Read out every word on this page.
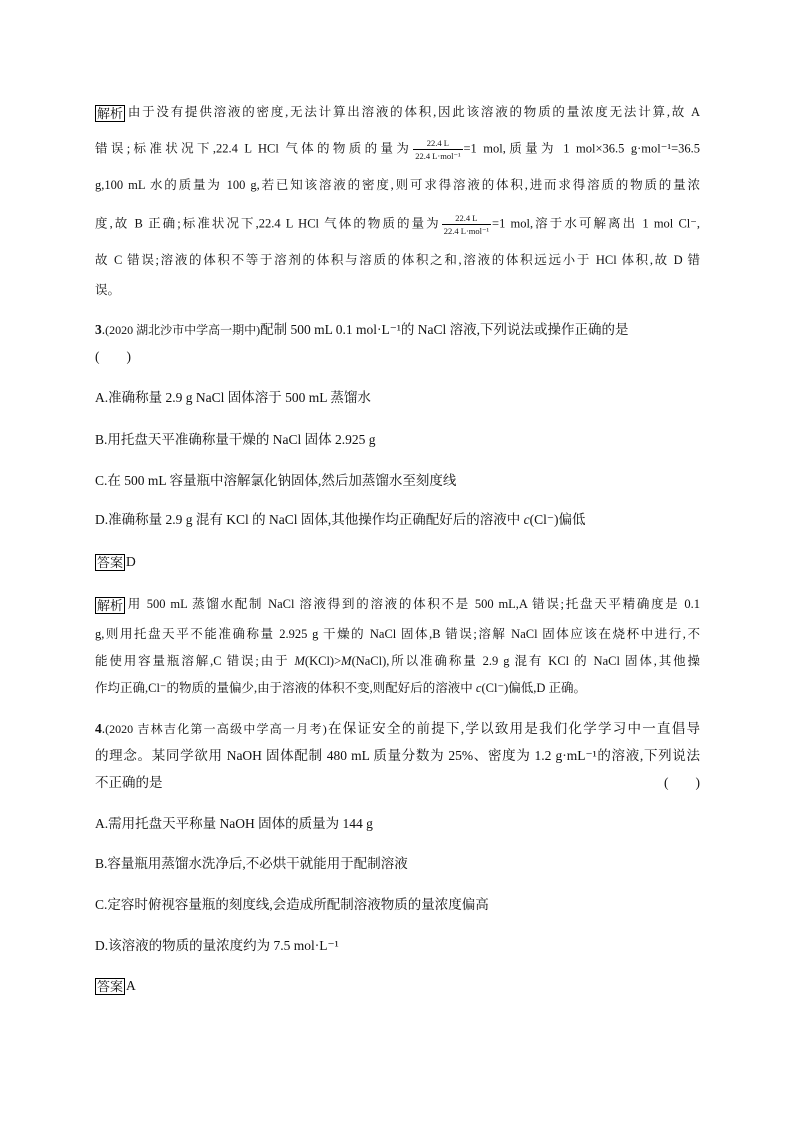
解析 由于没有提供溶液的密度,无法计算出溶液的体积,因此该溶液的物质的量浓度无法计算,故 A
错误;标准状况下,22.4 L HCl 气体的物质的量为 $\frac{22.4 L}{\text{22.4 L·mol⁻¹}} =1$ mol,质量为 1 mol×36.5 g·mol⁻¹=36.5
g,100 mL 水的质量为 100 g,若已知该溶液的密度,则可求得溶液的体积,进而求得溶质的物质的量浓
度,故 B 正确;标准状况下,22.4 L HCl 气体的物质的量为 $\frac{22.4 L}{\text{22.4 L·mol⁻¹}} =1$ mol,溶于水可解离出 1 mol Cl⁻,
故 C 错误;溶液的体积不等于溶剂的体积与溶质的体积之和,溶液的体积远远小于 HCl 体积,故 D 错
误。
3.(2020 湖北沙市中学高一期中)配制 500 mL 0.1 mol·L⁻¹的 NaCl 溶液,下列说法或操作正确的是
(　　)
A.准确称量 2.9 g NaCl 固体溶于 500 mL 蒸馏水
B.用托盘天平准确称量干燥的 NaCl 固体 2.925 g
C.在 500 mL 容量瓶中溶解氯化钠固体,然后加蒸馏水至刻度线
D.准确称量 2.9 g 混有 KCl 的 NaCl 固体,其他操作均正确配好后的溶液中 c(Cl⁻)偏低
答案 D
解析 用 500 mL 蒸馏水配制 NaCl 溶液得到的溶液的体积不是 500 mL,A 错误;托盘天平精确度是 0.1
g,则用托盘天平不能准确称量 2.925 g 干燥的 NaCl 固体,B 错误;溶解 NaCl 固体应该在烧杯中进行,不
能使用容量瓶溶解,C 错误;由于 M(KCl)>M(NaCl),所以准确称量 2.9 g 混有 KCl 的 NaCl 固体,其他操
作均正确,Cl⁻的物质的量偏少,由于溶液的体积不变,则配好后的溶液中 c(Cl⁻)偏低,D 正确。
4.(2020 吉林吉化第一高级中学高一月考)在保证安全的前提下,学以致用是我们化学学习中一直倡导
的理念。某同学欲用 NaOH 固体配制 480 mL 质量分数为 25%、密度为 1.2 g·mL⁻¹的溶液,下列说法
不正确的是	(　　)
A.需用托盘天平称量 NaOH 固体的质量为 144 g
B.容量瓶用蒸馏水洗净后,不必烘干就能用于配制溶液
C.定容时俯视容量瓶的刻度线,会造成所配制溶液物质的量浓度偏高
D.该溶液的物质的量浓度约为 7.5 mol·L⁻¹
答案 A
